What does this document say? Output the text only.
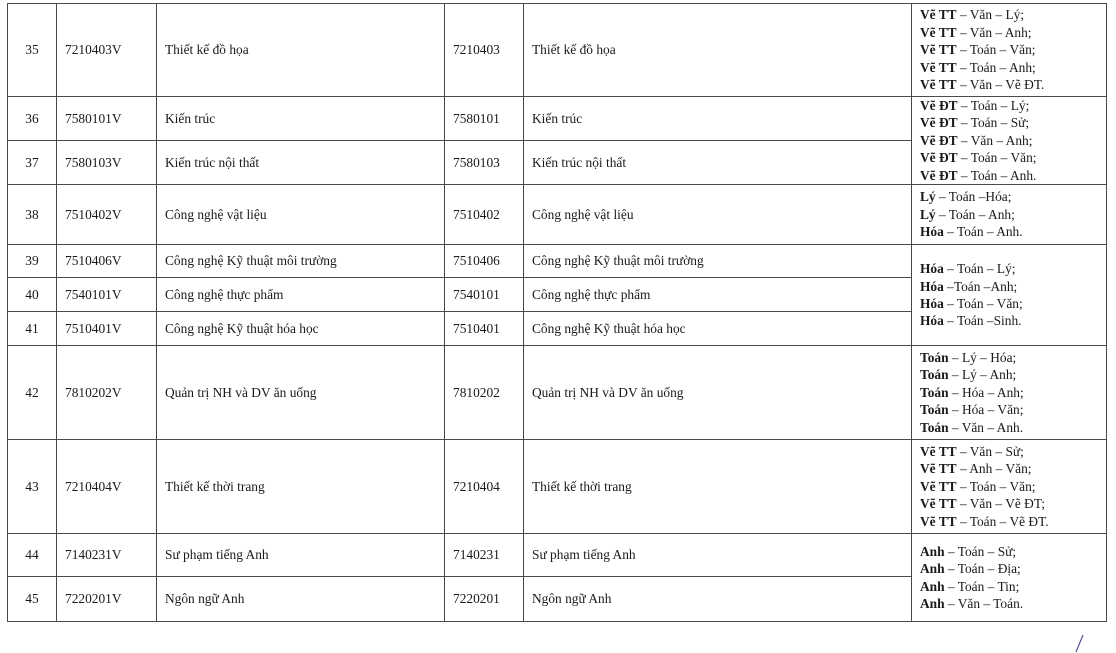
35	7210403V	Thiết kế đồ họa	7210403	Thiết kế đồ họa	Vẽ TT – Văn – Lý;
Vẽ TT – Văn – Anh;
Vẽ TT – Toán – Văn;
Vẽ TT – Toán – Anh;
Vẽ TT – Văn – Vẽ ĐT.

36	7580101V	Kiến trúc	7580101	Kiến trúc	Vẽ ĐT – Toán – Lý;
Vẽ ĐT – Toán – Sử;
Vẽ ĐT – Văn – Anh;
Vẽ ĐT – Toán – Văn;
Vẽ ĐT – Toán – Anh.

37	7580103V	Kiến trúc nội thất	7580103	Kiến trúc nội thất	
38	7510402V	Công nghệ vật liệu	7510402	Công nghệ vật liệu	Lý – Toán –Hóa;
Lý – Toán – Anh;
Hóa – Toán – Anh.

39	7510406V	Công nghệ Kỹ thuật môi trường	7510406	Công nghệ Kỹ thuật môi trường	Hóa – Toán – Lý;
Hóa –Toán –Anh;
Hóa – Toán – Văn;
Hóa – Toán –Sinh.

40	7540101V	Công nghệ thực phẩm	7540101	Công nghệ thực phẩm	
41	7510401V	Công nghệ Kỹ thuật hóa học	7510401	Công nghệ Kỹ thuật hóa học	
42	7810202V	Quản trị NH và DV ăn uống	7810202	Quản trị NH và DV ăn uống	Toán – Lý – Hóa;
Toán – Lý – Anh;
Toán – Hóa – Anh;
Toán – Hóa – Văn;
Toán – Văn – Anh.

43	7210404V	Thiết kế thời trang	7210404	Thiết kế thời trang	Vẽ TT – Văn – Sử;
Vẽ TT – Anh – Văn;
Vẽ TT – Toán – Văn;
Vẽ TT – Văn – Vẽ ĐT;
Vẽ TT – Toán – Vẽ ĐT.

44	7140231V	Sư phạm tiếng Anh	7140231	Sư phạm tiếng Anh	Anh – Toán – Sử;
Anh – Toán – Địa;
Anh – Toán – Tin;
Anh – Văn – Toán.

45	7220201V	Ngôn ngữ Anh	7220201	Ngôn ngữ Anh	
